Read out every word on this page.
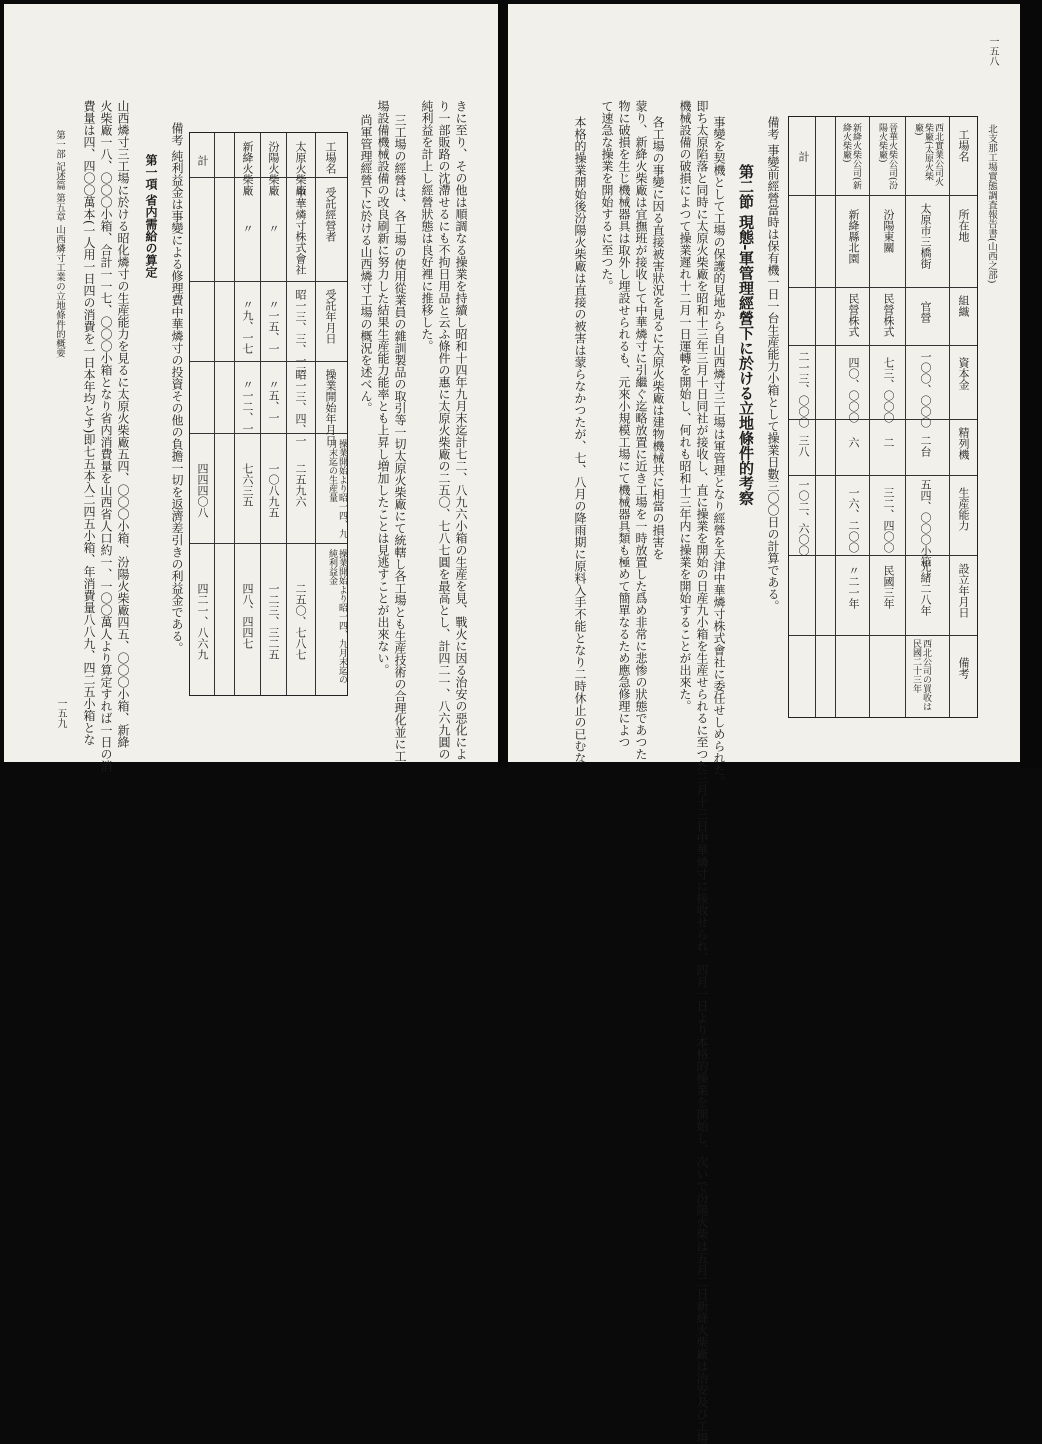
きに至り、その他は順調なる操業を持續し昭和十四年九月末迄計七二、八九六小箱の生産を見、戰火に因る治安の惡化によ
り一部販路の沈滯せるにも不拘日用品と云ふ條件の惠に太原火柴廠の二五〇、七八七圓を最高とし、計四二一、八六九圓の
純利益を計上し經營狀態は良好裡に推移した。
三工場の經營は、各工場の使用從業員の雜訓製品の取引等一切太原火柴廠にて統轄し各工場とも生産技術の合理化並に工
場設備機械設備の改良刷新に努力した結果生産能力能率とも上昇し増加したことは見逃すことが出來ない。
尚軍管理經營下に於ける山西燐寸工場の概況を述べん。
工場名
受託經營者
受託年月日
操業開始年月日
操業開始より昭一四、九月末迄の生産量
操業開始より昭一四、九月末迄の純利益金
太原火柴廠
中華燐寸株式會社
昭一三、三、一三
昭一三、四、一
二五九六
二五〇、七八七
汾陽火柴廠
〃
〃一五、一
〃五、一
一〇八九五
一二三、三二五
新絳火柴廠
〃
〃九、一七
〃一二、一
七六三五
四八、四四七
計
四四四〇八
四二一、八六九
備考 純利益金は事變による修理費中華燐寸の投資その他の負擔一切を返濟差引きの利益金である。
第一項 省内需給の算定
山西燐寸三工場に於ける昭化燐寸の生産能力を見るに太原火柴廠五四、〇〇〇小箱、汾陽火柴廠四五、〇〇〇小箱、新絳
火柴廠一八、〇〇〇小箱、合計一一七、〇〇〇小箱となり省内消費量を山西省人口約一、一〇〇萬人より算定すれば一日の消
費量は四、四〇〇萬本(一人用一日四の消費を一日本年均とす)即七五本入二四五小箱、年消費量八八九、四二五小箱とな
第一部 記述篇 第五章 山西燐寸工業の立地條件的概要
一五九
北支那工場實態調査報告書(山西之部)
一五八
工場名
所在地
組織
資本金
精列機
生産能力
設立年月日
備考
西北實業公司火柴廠(太原火柴廠)
太原市三橋街
官營
一〇〇、〇〇〇
二台
五四、〇〇〇小箱
光緒二八年
西北公司の買收は民國二十三年
晉華火柴公司(汾陽火柴廠)
汾陽東關
民營株式
七三、〇〇〇
二
三二、四〇〇
民國三年
新絳火柴公司(新絳火柴廠)
新絳縣北園
民營株式
四〇、〇〇〇
六
一六、二〇〇
〃二一年
計
二一三、〇〇〇
三八
一〇二、六〇〇
備考 事變前經營當時は保有機一日一台生産能力小箱として操業日數三〇〇日の計算である。
第二節 現態-軍管理經營下に於ける立地條件的考察
事變を契機として工場の保護的見地から自山西燐寸三工場は軍管理となり經營を天津中華燐寸株式會社に委任せしめられた。
即ち太原陷落と同時に太原火柴廠を昭和十三年三月十日同社が接收し、直に操業を開始の日産九小箱を生産せられるに至つた三月十三日中華燐寸に接收せられ、四月一日より本格的操業を開始し、次いで汾陽火柴は五月二日新絳火柴廠は治安及び工場
機械設備の破損によつて操業遲れ十二月一日運轉を開始し、何れも昭和十三年内に操業を開始することが出來た。
各工場の事變に因る直接被害狀況を見るに太原火柴廠は建物機械共に相當の損害を
蒙り、新絳火柴廠は宜撫班が接收して中華燐寸に引繼ぐ迄略放置に近き工場を一時放置した爲め非常に悲惨の狀態であつた
物に破損を生じ機械器具は取外し埋設せられるも、元來小規模工場にて機械器具類も極めて簡單なるため應急修理によつ
て速急な操業を開始するに至つた。
本格的操業開始後汾陽火柴廠は直接の被害は蒙らなかつたが、七、八月の降雨期に原料入手不能となり二時休止の已むな
